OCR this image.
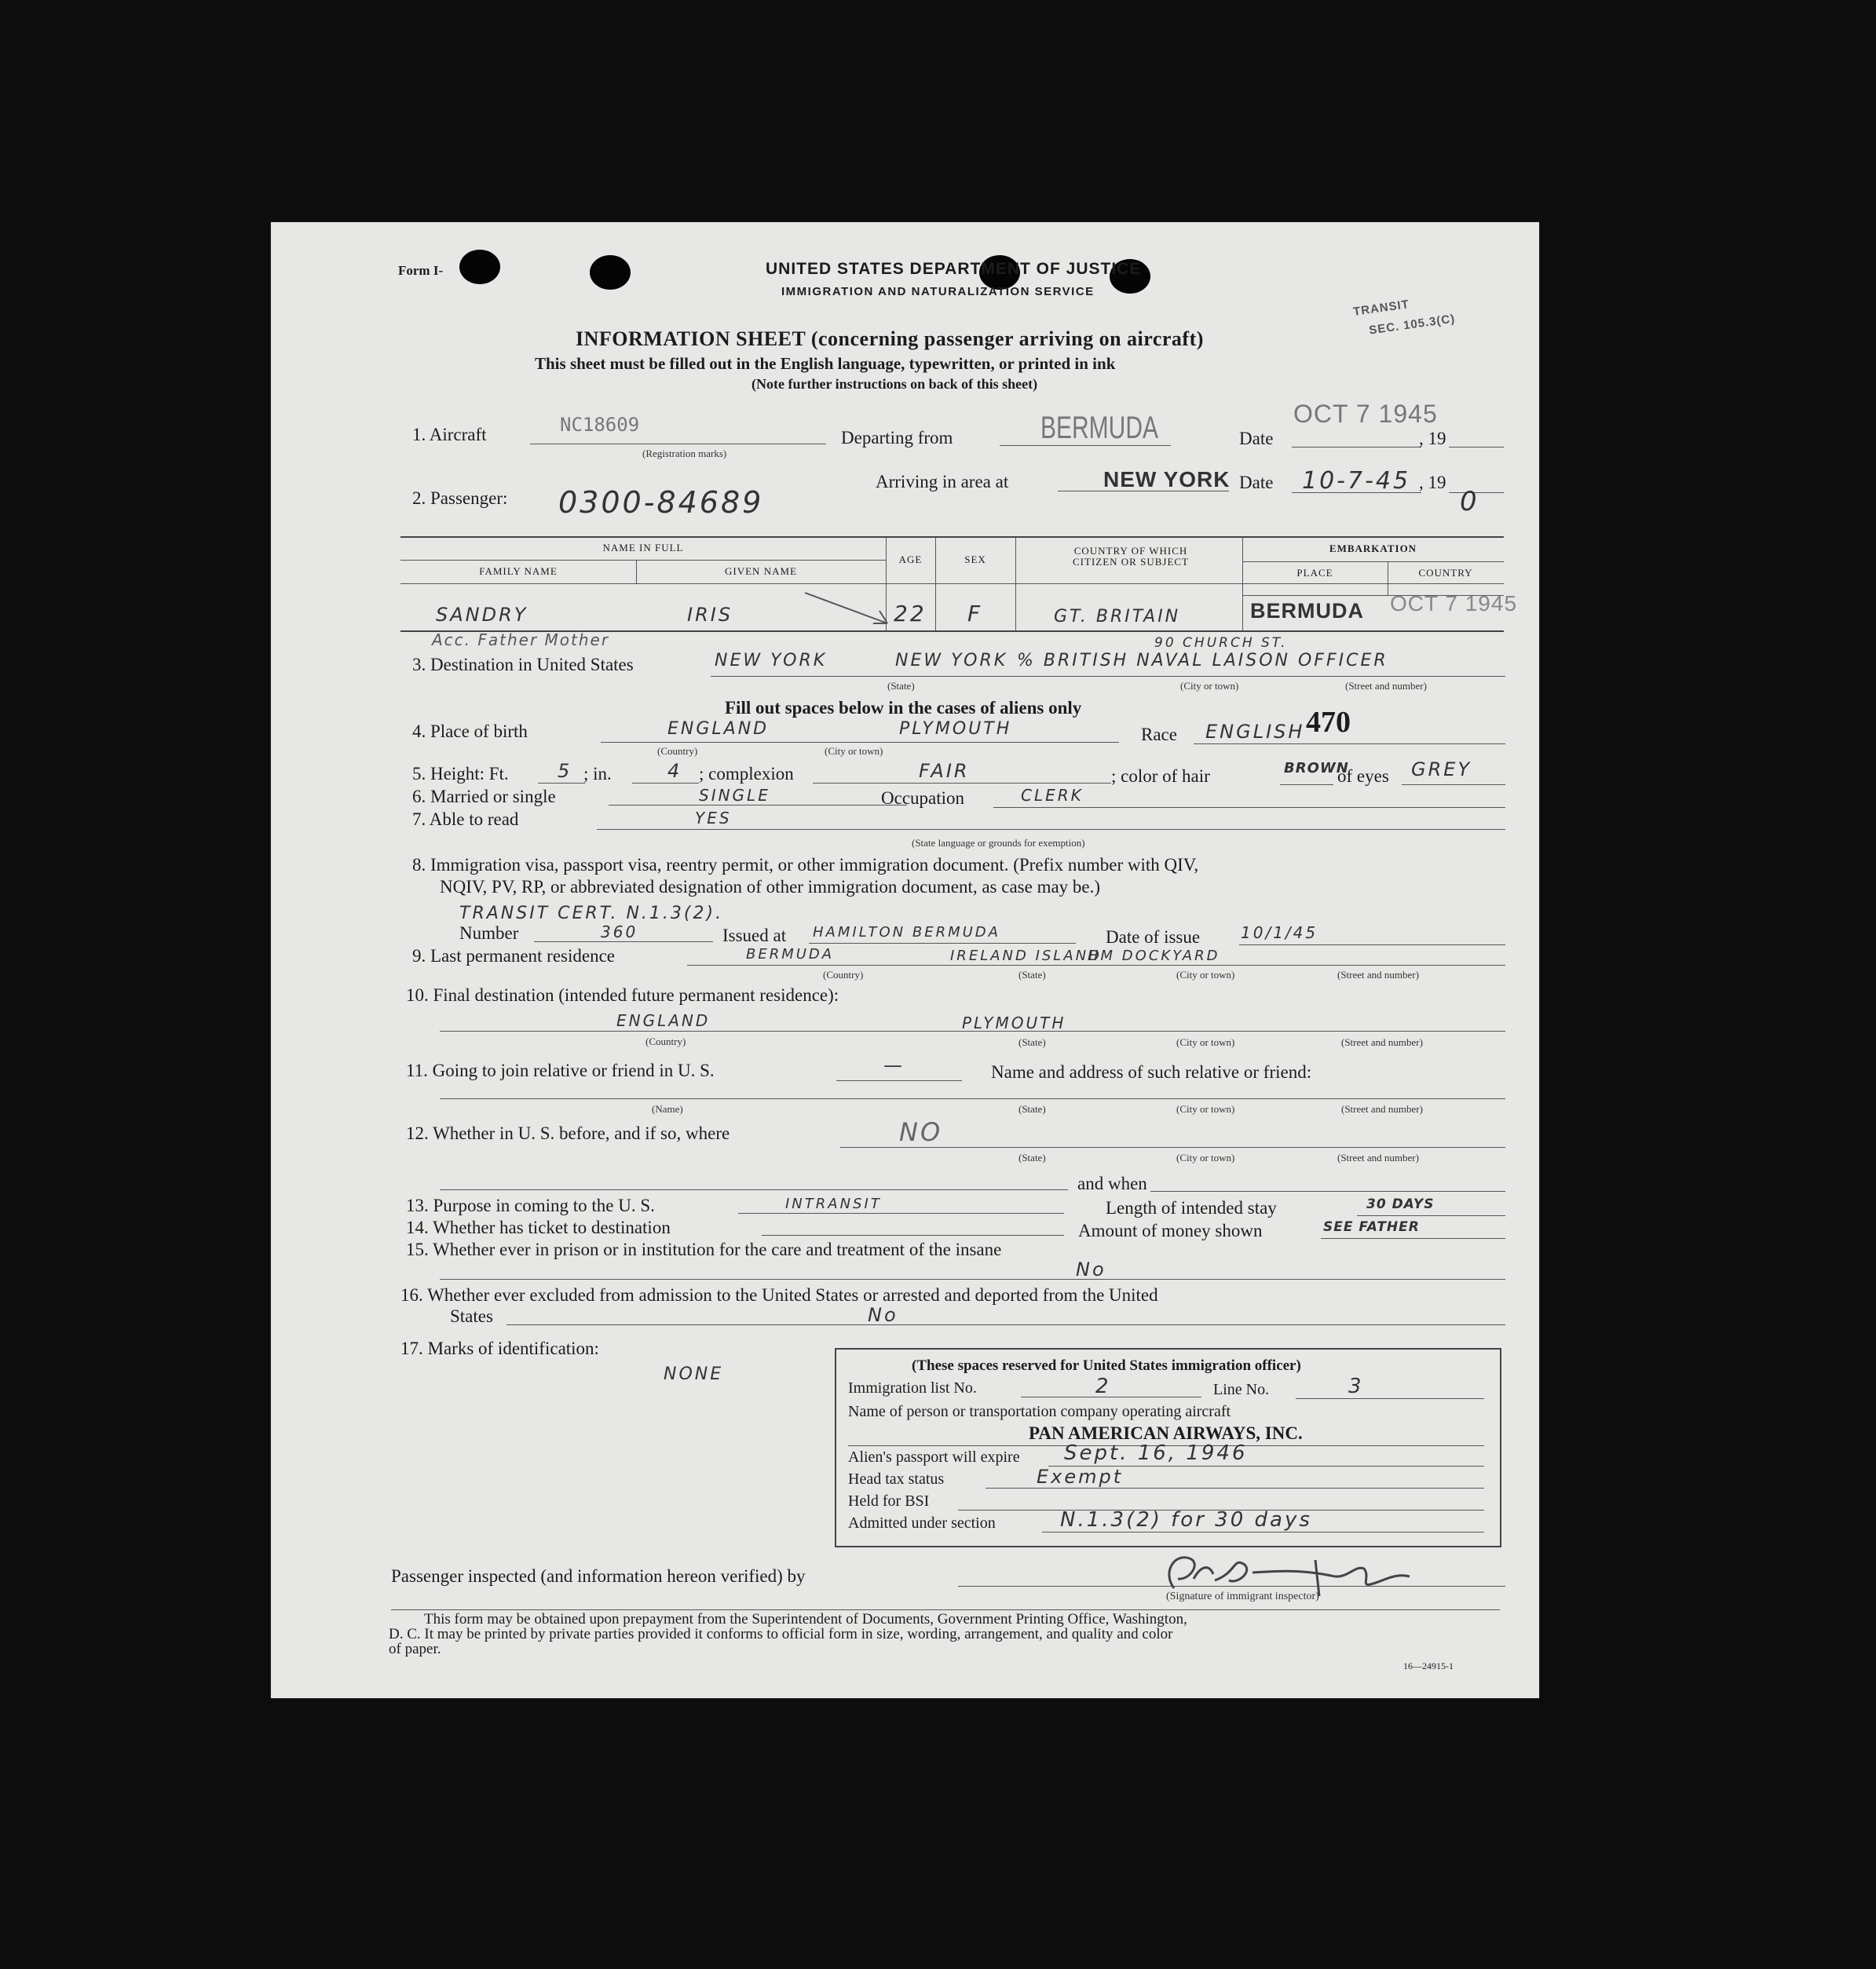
Form I-	UNITED STATES DEPARTMENT OF JUSTICE
IMMIGRATION AND NATURALIZATION SERVICE
TRANSIT
SEC. 105.3(C)
INFORMATION SHEET (concerning passenger arriving on aircraft)
This sheet must be filled out in the English language, typewritten, or printed in ink
(Note further instructions on back of this sheet)
1. Aircraft	NC18609
(Registration marks)
Departing from	BERMUDA	Date
OCT 7 1945
, 19
2. Passenger: 0300-84689
Arriving in area at	NEW YORK Date 10-7-45 , 19
0
NAME IN FULL
FAMILY NAME	GIVEN NAME
AGE	SEX
COUNTRY OF WHICH CITIZEN OR SUBJECT
EMBARKATION
PLACE	COUNTRY
SANDRY	IRIS	22 F	GT. BRITAIN	BERMUDA OCT 7 1945
Acc. Father Mother	90 CHURCH ST.
3. Destination in United States	NEW YORK	NEW YORK % BRITISH NAVAL LAISON OFFICER
(State)	(City or town)	(Street and number)
Fill out spaces below in the cases of aliens only
4. Place of birth	ENGLAND	PLYMOUTH
(Country)	(City or town)
Race ENGLISH 470
5. Height: Ft.	5 ; in.	4 ; complexion	FAIR	; color of hair	BROWN
of eyes GREY
6. Married or single	SINGLE	Occupation	CLERK
7. Able to read	YES
(State language or grounds for exemption)
8. Immigration visa, passport visa, reentry permit, or other immigration document. (Prefix number with QIV,
NQIV, PV, RP, or abbreviated designation of other immigration document, as case may be.)
TRANSIT CERT. N.1.3(2).
Number	360	Issued at HAMILTON BERMUDA	Date of issue	10/1/45
9. Last permanent residence	BERMUDA	IRELAND ISLAND
HM DOCKYARD
(Country)	(State)	(City or town)	(Street and number)
10. Final destination (intended future permanent residence):
ENGLAND	PLYMOUTH
(Country)	(State)	(City or town)	(Street and number)
11. Going to join relative or friend in U. S.	—	Name and address of such relative or friend:
(Name)	(State)	(City or town)	(Street and number)
12. Whether in U. S. before, and if so, where	NO
(State)	(City or town)	(Street and number)
and when
13. Purpose in coming to the U. S.	INTRANSIT	Length of intended stay	30 DAYS
14. Whether has ticket to destination	Amount of money shown	SEE FATHER
15. Whether ever in prison or in institution for the care and treatment of the insane
No
16. Whether ever excluded from admission to the United States or arrested and deported from the United
States	No
17. Marks of identification:
NONE	(These spaces reserved for United States immigration officer)
Immigration list No.	2	Line No.	3
Name of person or transportation company operating aircraft
PAN AMERICAN AIRWAYS, INC.
Alien's passport will expire Sept. 16, 1946
Head tax status	Exempt
Held for BSI
Admitted under section	N.1.3(2) for 30 days
Passenger inspected (and information hereon verified) by
(Signature of immigrant inspector)
This form may be obtained upon prepayment from the Superintendent of Documents, Government Printing Office, Washington,
D. C. It may be printed by private parties provided it conforms to official form in size, wording, arrangement, and quality and color
of paper.
16—24915-1
